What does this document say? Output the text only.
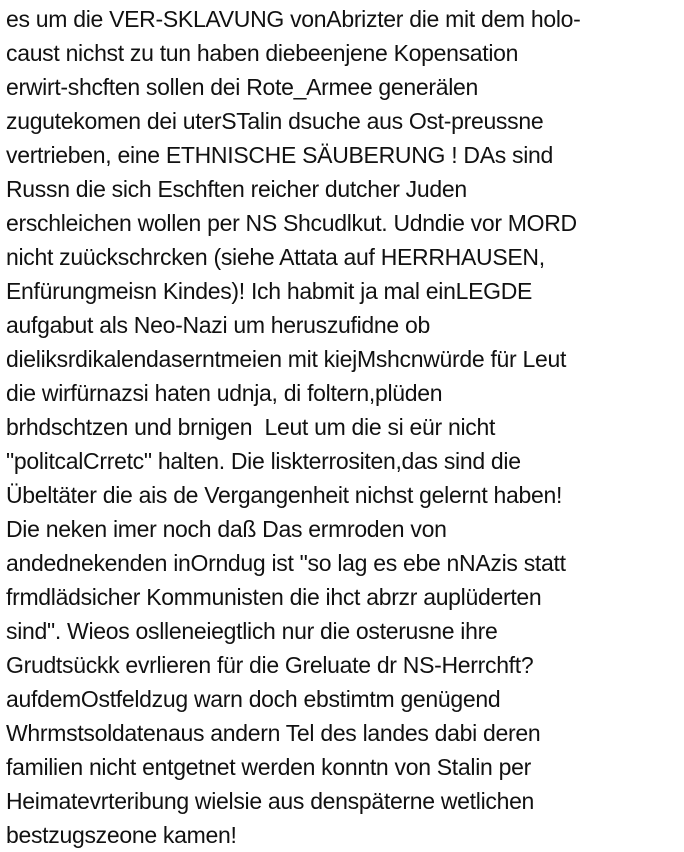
es um die VER-SKLAVUNG vonAbrizter die mit dem holo-
caust nichst zu tun haben diebeenjene Kopensation
erwirt-shcften sollen dei Rote_Armee generälen
zugutekomen dei uterSTalin dsuche aus Ost-preussne
vertrieben, eine ETHNISCHE SÄUBERUNG ! DAs sind
Russn die sich Eschften reicher dutcher Juden
erschleichen wollen per NS Shcudlkut. Udndie vor MORD
nicht zuückschrcken (siehe Attata auf HERRHAUSEN,
Enfürungmeisn Kindes)! Ich habmit ja mal einLEGDE
aufgabut als Neo-Nazi um heruszufidne ob
dieliksrdikalendaserntmeien mit kiejMshcnwürde für Leut
die wirfürnazsi haten udnja, di foltern,plüden
brhdschtzen und brnigen  Leut um die si eür nicht
"politcalCrretc" halten. Die liskterrositen,das sind die
Übeltäter die ais de Vergangenheit nichst gelernt haben!
Die neken imer noch daß Das ermroden von
andednekenden inOrndug ist "so lag es ebe nNAzis statt
frmdlädsicher Kommunisten die ihct abrzr auplüderten
sind". Wieos oslleneiegtlich nur die osterusne ihre
Grudtsückk evrlieren für die Greluate dr NS-Herrchft?
aufdemOstfeldzug warn doch ebstimtm genügend
Whrmstsoldatenaus andern Tel des landes dabi deren
familien nicht entgetnet werden konntn von Stalin per
Heimatevrteribung wielsie aus denspäterne wetlichen
bestzugszeone kamen!
